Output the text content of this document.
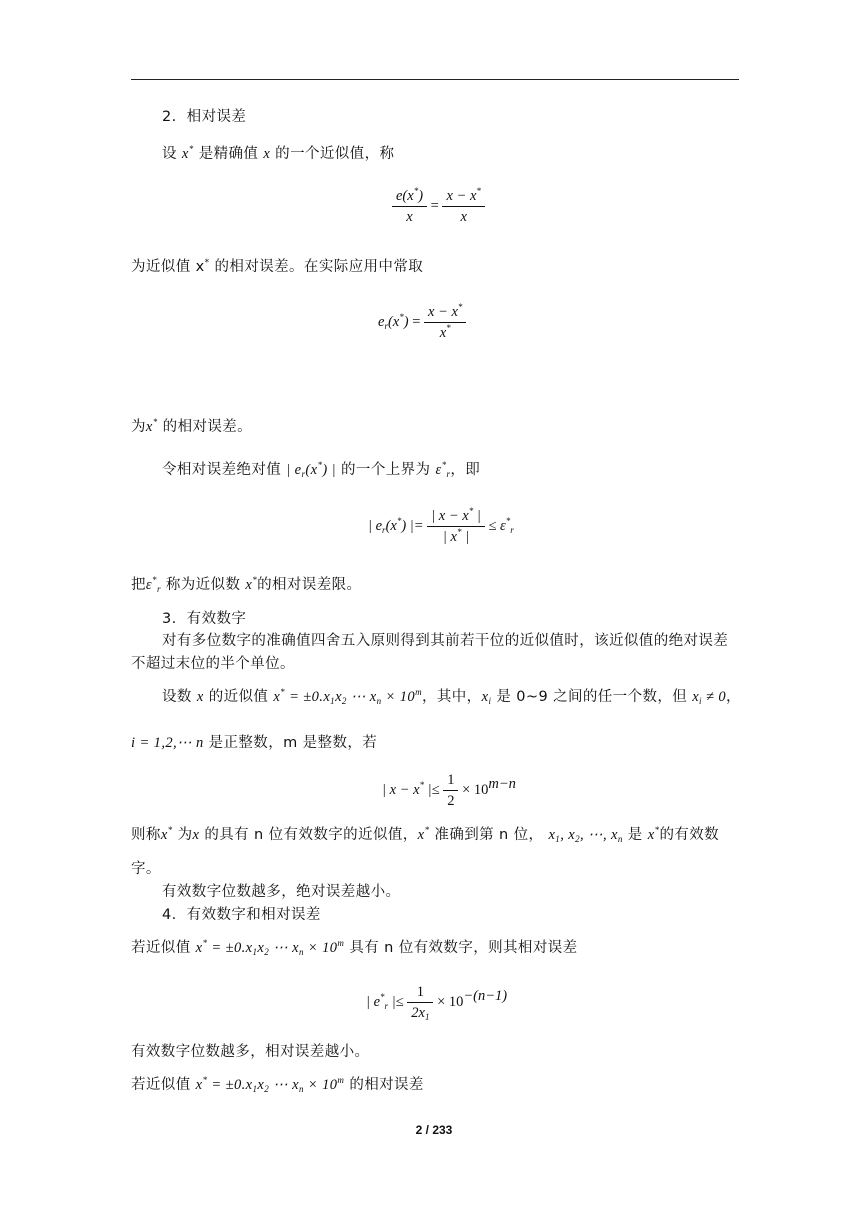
2. 相对误差
设 x* 是精确值 x 的一个近似值，称
$\frac{e(x^*)}{x} = \frac{x - x^*}{x}$
为近似值 x* 的相对误差。在实际应用中常取
$e_r(x^*) = \frac{x - x^*}{x^*}$
为x* 的相对误差。
令相对误差绝对值 | $e_r(x^*)$ | 的一个上界为 $\varepsilon^*_r$，即
| $e_r(x^*)$ |= $\frac{| x - x^* |}{| x^* |} \le \varepsilon^*_r$
把$\varepsilon^*_r$ 称为近似数 x*的相对误差限。
3. 有效数字
对有多位数字的准确值四舍五入原则得到其前若干位的近似值时，该近似值的绝对误差
不超过末位的半个单位。
设数 x 的近似值 $x^* = \pm 0.x_1x_2$ ⋯ $x_n \times 10^m$，其中，$x_i$ 是 0~9 之间的任一个数，但 $x_i \ne 0$，
i = 1,2,⋯ n 是正整数，m 是整数，若
| x − x* |≤ $\frac{1}{2} \times 10^{m-n}$
则称x* 为x 的具有 n 位有效数字的近似值，x* 准确到第 n 位， $x_1$, $x_2$, ⋯, $x_n$ 是 x*的有效数
字。
有效数字位数越多，绝对误差越小。
4. 有效数字和相对误差
若近似值 $x^* = \pm 0.x_1x_2$ ⋯ $x_n \times 10^m$ 具有 n 位有效数字，则其相对误差
| $e^*_r$ |≤ $\frac{1}{2x_1} \times 10^{-(n-1)}$
有效数字位数越多，相对误差越小。
若近似值 $x^* = \pm 0.x_1x_2$ ⋯ $x_n \times 10^m$ 的相对误差
2 / 233
